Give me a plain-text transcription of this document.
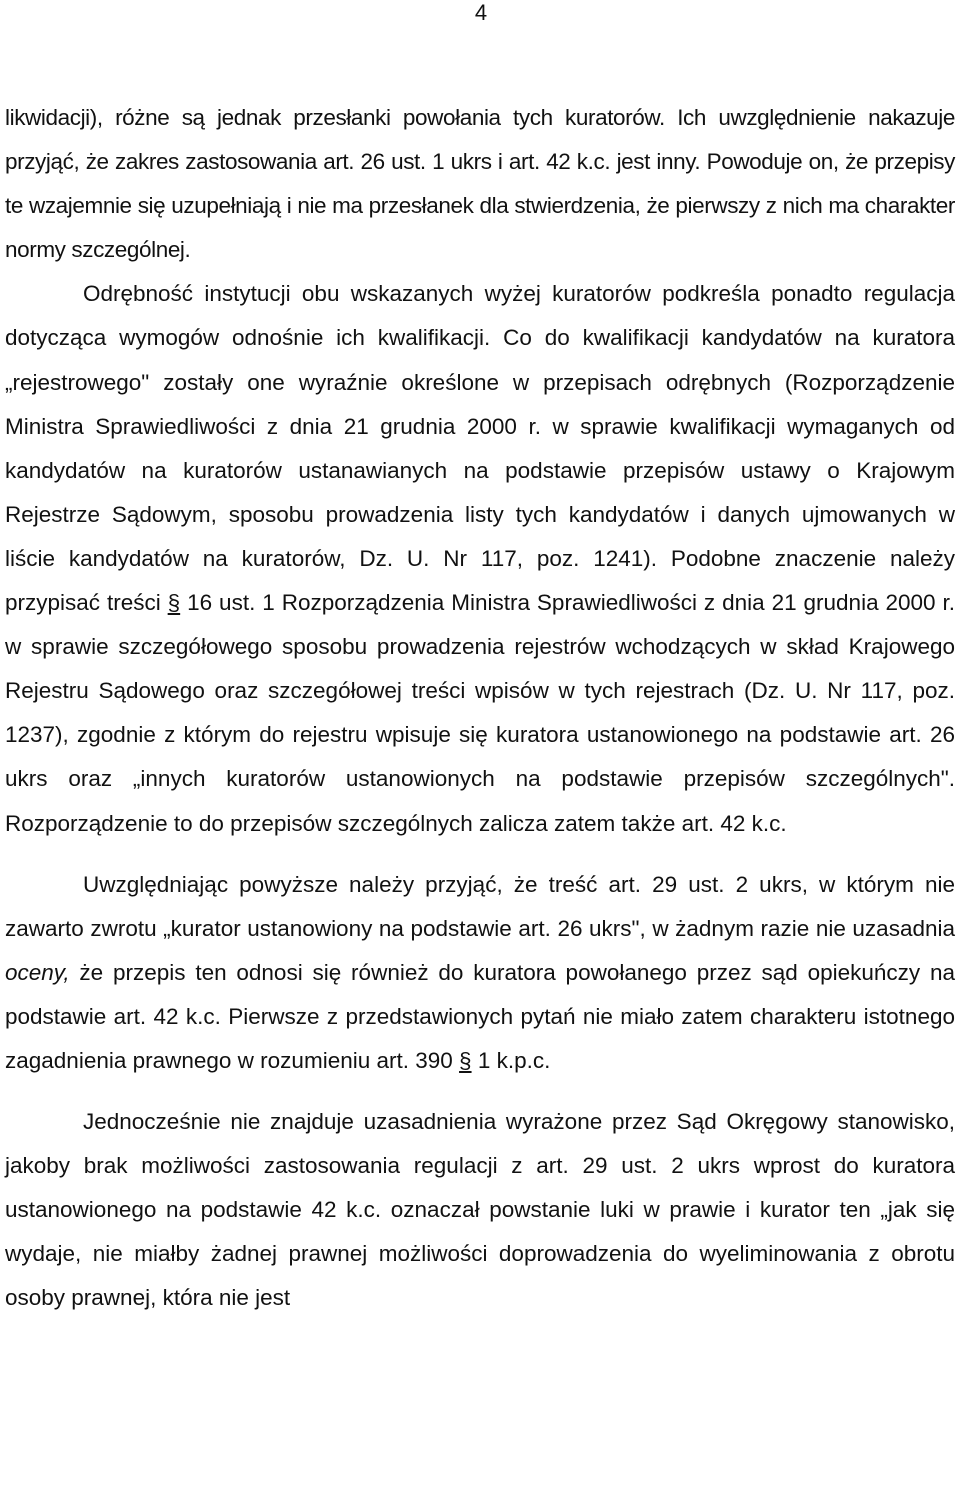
4

likwidacji), różne są jednak przesłanki powołania tych kuratorów. Ich uwzględnienie nakazuje przyjąć, że zakres zastosowania art. 26 ust. 1 ukrs i art. 42 k.c. jest inny. Powoduje on, że przepisy te wzajemnie się uzupełniają i nie ma przesłanek dla stwierdzenia, że pierwszy z nich ma charakter normy szczególnej.

Odrębność instytucji obu wskazanych wyżej kuratorów podkreśla ponadto regulacja dotycząca wymogów odnośnie ich kwalifikacji. Co do kwalifikacji kandydatów na kuratora „rejestrowego" zostały one wyraźnie określone w przepisach odrębnych (Rozporządzenie Ministra Sprawiedliwości z dnia 21 grudnia 2000 r. w sprawie kwalifikacji wymaganych od kandydatów na kuratorów ustanawianych na podstawie przepisów ustawy o Krajowym Rejestrze Sądowym, sposobu prowadzenia listy tych kandydatów i danych ujmowanych w liście kandydatów na kuratorów, Dz. U. Nr 117, poz. 1241). Podobne znaczenie należy przypisać treści § 16 ust. 1 Rozporządzenia Ministra Sprawiedliwości z dnia 21 grudnia 2000 r. w sprawie szczegółowego sposobu prowadzenia rejestrów wchodzących w skład Krajowego Rejestru Sądowego oraz szczegółowej treści wpisów w tych rejestrach (Dz. U. Nr 117, poz. 1237), zgodnie z którym do rejestru wpisuje się kuratora ustanowionego na podstawie art. 26 ukrs oraz „innych kuratorów ustanowionych na podstawie przepisów szczególnych". Rozporządzenie to do przepisów szczególnych zalicza zatem także art. 42 k.c.

Uwzględniając powyższe należy przyjąć, że treść art. 29 ust. 2 ukrs, w którym nie zawarto zwrotu „kurator ustanowiony na podstawie art. 26 ukrs", w żadnym razie nie uzasadnia oceny, że przepis ten odnosi się również do kuratora powołanego przez sąd opiekuńczy na podstawie art. 42 k.c. Pierwsze z przedstawionych pytań nie miało zatem charakteru istotnego zagadnienia prawnego w rozumieniu art. 390 § 1 k.p.c.

Jednocześnie nie znajduje uzasadnienia wyrażone przez Sąd Okręgowy stanowisko, jakoby brak możliwości zastosowania regulacji z art. 29 ust. 2 ukrs wprost do kuratora ustanowionego na podstawie 42 k.c. oznaczał powstanie luki w prawie i kurator ten „jak się wydaje, nie miałby żadnej prawnej możliwości doprowadzenia do wyeliminowania z obrotu osoby prawnej, która nie jest
